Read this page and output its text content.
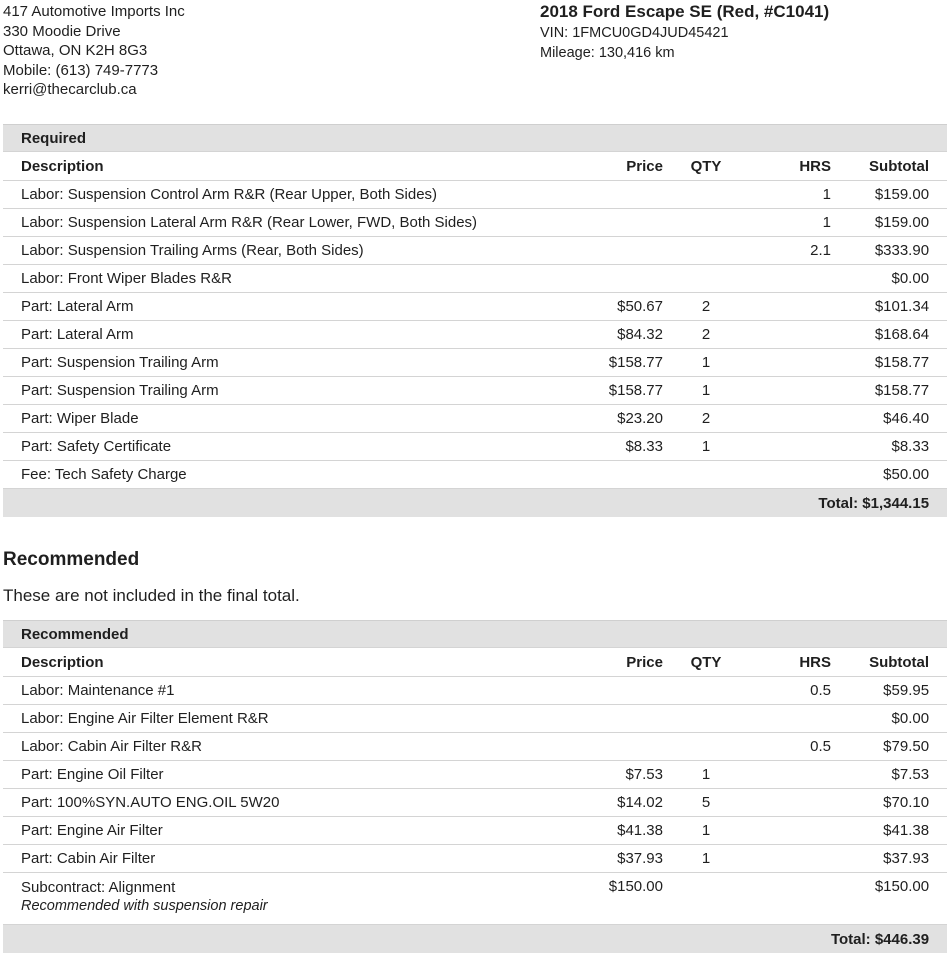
417 Automotive Imports Inc
330 Moodie Drive
Ottawa, ON K2H 8G3
Mobile: (613) 749-7773
kerri@thecarclub.ca
2018 Ford Escape SE (Red, #C1041)
VIN: 1FMCU0GD4JUD45421
Mileage: 130,416 km
Required				
Description	Price	QTY	HRS	Subtotal

Labor: Suspension Control Arm R&R (Rear Upper, Both Sides)			1	$159.00

Labor: Suspension Lateral Arm R&R (Rear Lower, FWD, Both Sides)			1	$159.00

Labor: Suspension Trailing Arms (Rear, Both Sides)			2.1	$333.90

Labor: Front Wiper Blades R&R				$0.00

Part: Lateral Arm	$50.67	2		$101.34

Part: Lateral Arm	$84.32	2		$168.64

Part: Suspension Trailing Arm	$158.77	1		$158.77

Part: Suspension Trailing Arm	$158.77	1		$158.77

Part: Wiper Blade	$23.20	2		$46.40

Part: Safety Certificate	$8.33	1		$8.33

Fee: Tech Safety Charge				$50.00
Total: $1,344.15				
Recommended
These are not included in the final total.
Recommended				
Description	Price	QTY	HRS	Subtotal

Labor: Maintenance #1			0.5	$59.95

Labor: Engine Air Filter Element R&R				$0.00

Labor: Cabin Air Filter R&R			0.5	$79.50

Part: Engine Oil Filter	$7.53	1		$7.53

Part: 100%SYN.AUTO ENG.OIL 5W20	$14.02	5		$70.10

Part: Engine Air Filter	$41.38	1		$41.38

Part: Cabin Air Filter	$37.93	1		$37.93

Subcontract: Alignment
Recommended with suspension repair	$150.00			$150.00
Total: $446.39				
